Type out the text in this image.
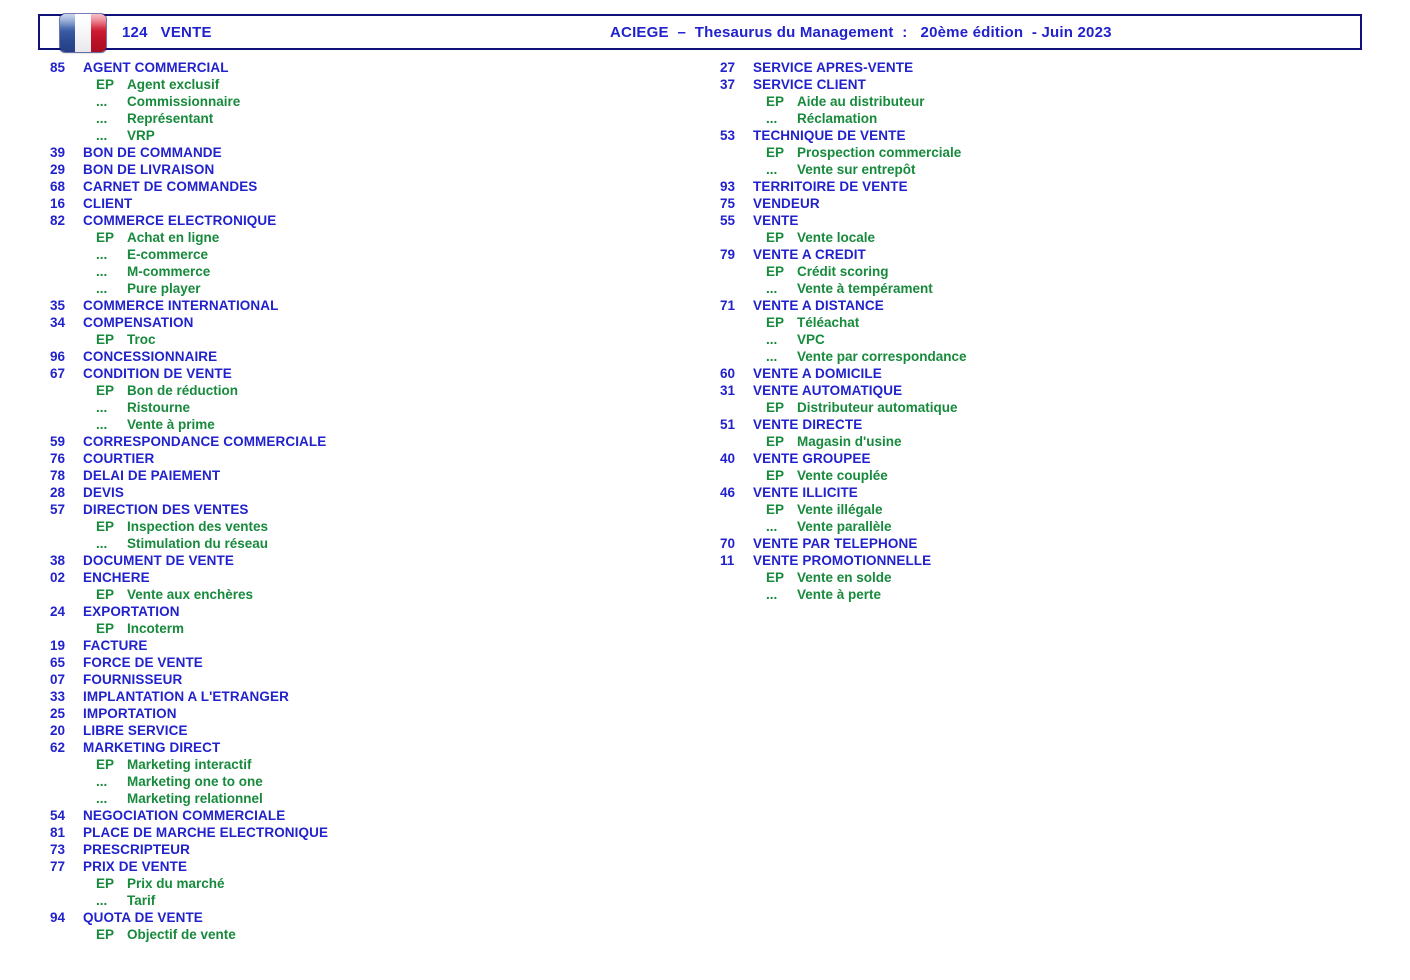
124 VENTE	ACIEGE  –  Thesaurus du Management  :   20ème édition  - Juin 2023
85 AGENT COMMERCIAL
EP Agent exclusif
... Commissionnaire
... Représentant
... VRP
39 BON DE COMMANDE
29 BON DE LIVRAISON
68 CARNET DE COMMANDES
16 CLIENT
82 COMMERCE ELECTRONIQUE
EP Achat en ligne
... E-commerce
... M-commerce
... Pure player
35 COMMERCE INTERNATIONAL
34 COMPENSATION
EP Troc
96 CONCESSIONNAIRE
67 CONDITION DE VENTE
EP Bon de réduction
... Ristourne
... Vente à prime
59 CORRESPONDANCE COMMERCIALE
76 COURTIER
78 DELAI DE PAIEMENT
28 DEVIS
57 DIRECTION DES VENTES
EP Inspection des ventes
... Stimulation du réseau
38 DOCUMENT DE VENTE
02 ENCHERE
EP Vente aux enchères
24 EXPORTATION
EP Incoterm
19 FACTURE
65 FORCE DE VENTE
07 FOURNISSEUR
33 IMPLANTATION A L'ETRANGER
25 IMPORTATION
20 LIBRE SERVICE
62 MARKETING DIRECT
EP Marketing interactif
... Marketing one to one
... Marketing relationnel
54 NEGOCIATION COMMERCIALE
81 PLACE DE MARCHE ELECTRONIQUE
73 PRESCRIPTEUR
77 PRIX DE VENTE
EP Prix du marché
... Tarif
94 QUOTA DE VENTE
EP Objectif de vente
27 SERVICE APRES-VENTE
37 SERVICE CLIENT
EP Aide au distributeur
... Réclamation
53 TECHNIQUE DE VENTE
EP Prospection commerciale
... Vente sur entrepôt
93 TERRITOIRE DE VENTE
75 VENDEUR
55 VENTE
EP Vente locale
79 VENTE A CREDIT
EP Crédit scoring
... Vente à tempérament
71 VENTE A DISTANCE
EP Téléachat
... VPC
... Vente par correspondance
60 VENTE A DOMICILE
31 VENTE AUTOMATIQUE
EP Distributeur automatique
51 VENTE DIRECTE
EP Magasin d'usine
40 VENTE GROUPEE
EP Vente couplée
46 VENTE ILLICITE
EP Vente illégale
... Vente parallèle
70 VENTE PAR TELEPHONE
11 VENTE PROMOTIONNELLE
EP Vente en solde
... Vente à perte
